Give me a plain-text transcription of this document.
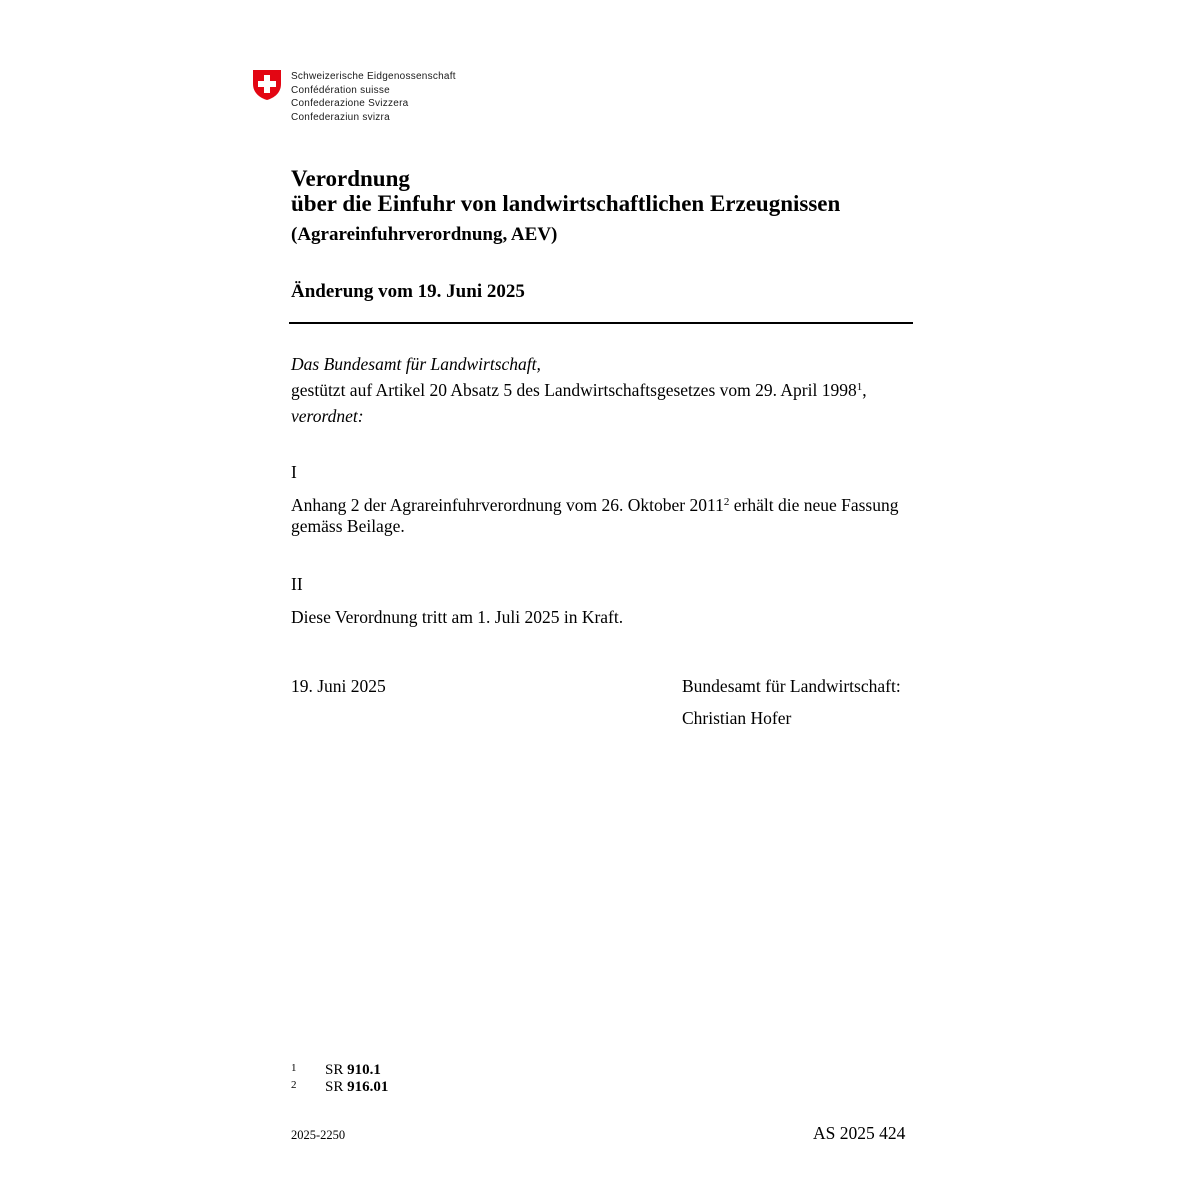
Schweizerische Eidgenossenschaft
Confédération suisse
Confederazione Svizzera
Confederaziun svizra
Verordnung
über die Einfuhr von landwirtschaftlichen Erzeugnissen
(Agrareinfuhrverordnung, AEV)
Änderung vom 19. Juni 2025
Das Bundesamt für Landwirtschaft,
gestützt auf Artikel 20 Absatz 5 des Landwirtschaftsgesetzes vom 29. April 1998$^1$,
verordnet:
I
Anhang 2 der Agrareinfuhrverordnung vom 26. Oktober 2011$^2$ erhält die neue Fassung
gemäss Beilage.
II
Diese Verordnung tritt am 1. Juli 2025 in Kraft.
19. Juni 2025	Bundesamt für Landwirtschaft:
Christian Hofer
1	SR 910.1
2	SR 916.01
2025-2250	AS 2025 424
